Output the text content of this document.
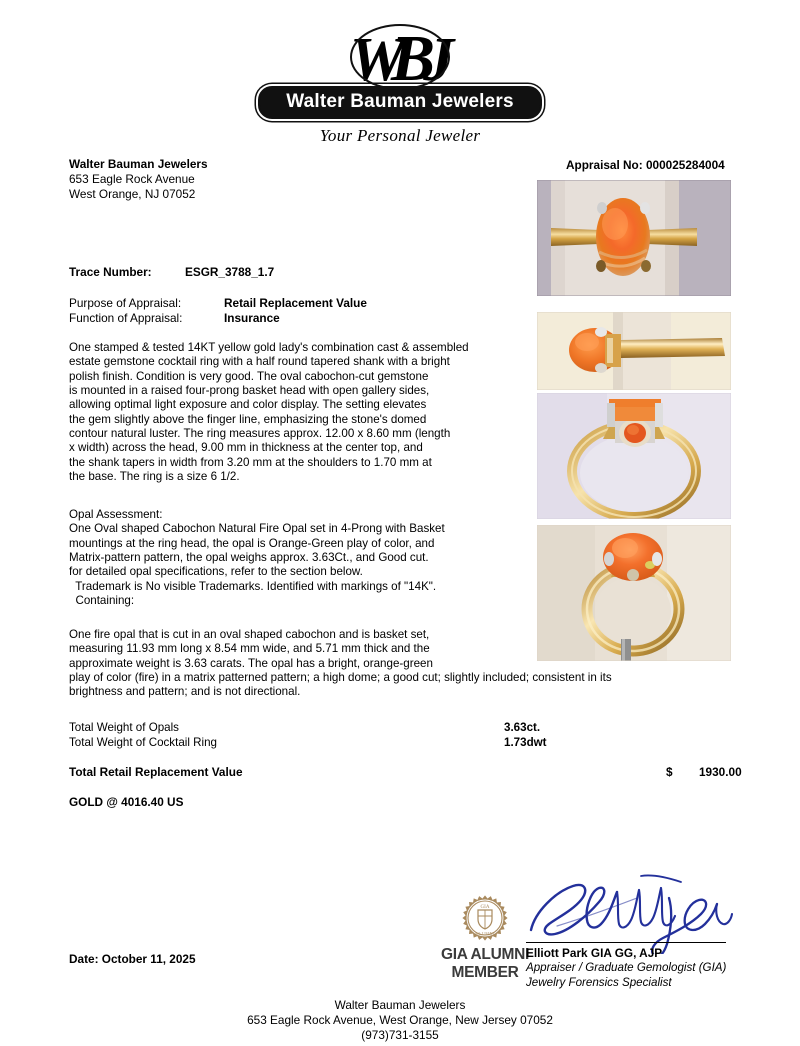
WBJ
Walter Bauman Jewelers
Your Personal Jeweler
Walter Bauman Jewelers
653 Eagle Rock Avenue
West Orange, NJ 07052
Appraisal No: 000025284004
Trace Number:	ESGR_3788_1.7
Purpose of Appraisal:	Retail Replacement Value
Function of Appraisal:	Insurance
One stamped & tested 14KT yellow gold lady's combination cast & assembled
estate gemstone cocktail ring with a half round tapered shank with a bright
polish finish. Condition is very good. The oval cabochon-cut gemstone
is mounted in a raised four-prong basket head with open gallery sides,
allowing optimal light exposure and color display. The setting elevates
the gem slightly above the finger line, emphasizing the stone's domed
contour natural luster. The ring measures approx. 12.00 x 8.60 mm (length
x width) across the head, 9.00 mm in thickness at the center top, and
the shank tapers in width from 3.20 mm at the shoulders to 1.70 mm at
the base. The ring is a size 6 1/2.
Opal Assessment:
One Oval shaped Cabochon Natural Fire Opal set in 4-Prong with Basket
mountings at the ring head, the opal is Orange-Green play of color, and
Matrix-pattern pattern, the opal weighs approx. 3.63Ct., and Good cut.
for detailed opal specifications, refer to the section below.
Trademark is No visible Trademarks. Identified with markings of "14K".
Containing:
One fire opal that is cut in an oval shaped cabochon and is basket set,
measuring 11.93 mm long x 8.54 mm wide, and 5.71 mm thick and the
approximate weight is 3.63 carats. The opal has a bright, orange-green
play of color (fire) in a matrix patterned pattern; a high dome; a good cut; slightly included; consistent in its
brightness and pattern; and is not directional.
Total Weight of Opals	3.63ct.
Total Weight of Cocktail Ring	1.73dwt
Total Retail Replacement Value	$ 1930.00
GOLD @ 4016.40 US
Date: October 11, 2025
GIA
ALUMNI
GIA ALUMNI
MEMBER
Elliott Park GIA GG, AJP
Appraiser / Graduate Gemologist (GIA)
Jewelry Forensics Specialist
Walter Bauman Jewelers
653 Eagle Rock Avenue, West Orange, New Jersey 07052
(973)731-3155
